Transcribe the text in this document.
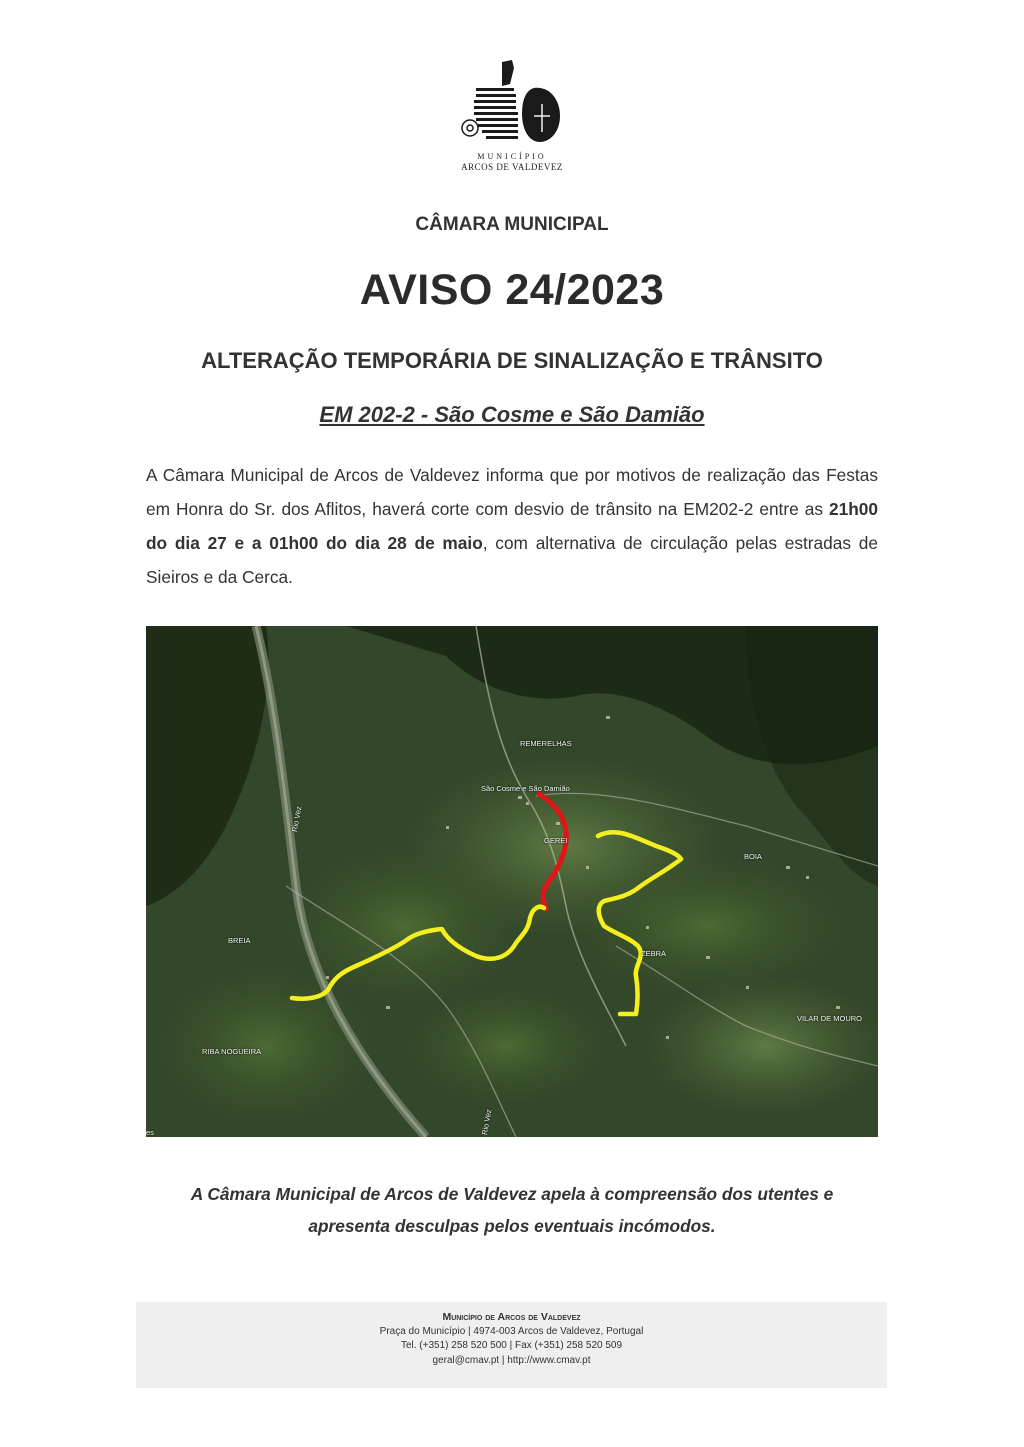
MUNICÍPIO
ARCOS DE VALDEVEZ
CÂMARA MUNICIPAL
AVISO 24/2023
ALTERAÇÃO TEMPORÁRIA DE SINALIZAÇÃO E TRÂNSITO
EM 202-2 - São Cosme e São Damião

A Câmara Municipal de Arcos de Valdevez informa que por motivos de realização das Festas em Honra do Sr. dos Aflitos, haverá corte com desvio de trânsito na EM202-2 entre as 21h00 do dia 27 e a 01h00 do dia 28 de maio, com alternativa de circulação pelas estradas de Sieiros e da Cerca.

REMERELHAS
São Cosme e São Damião
GEREI
BOIA
BREIA
ZEBRA
VILAR DE MOURO
RIBA NOGUEIRA
Rio Vez
Rio Vez
es
A Câmara Municipal de Arcos de Valdevez apela à compreensão dos utentes e
apresenta desculpas pelos eventuais incómodos.
Município de Arcos de Valdevez
Praça do Município | 4974-003 Arcos de Valdevez, Portugal
Tel. (+351) 258 520 500 | Fax (+351) 258 520 509
geral@cmav.pt | http://www.cmav.pt
